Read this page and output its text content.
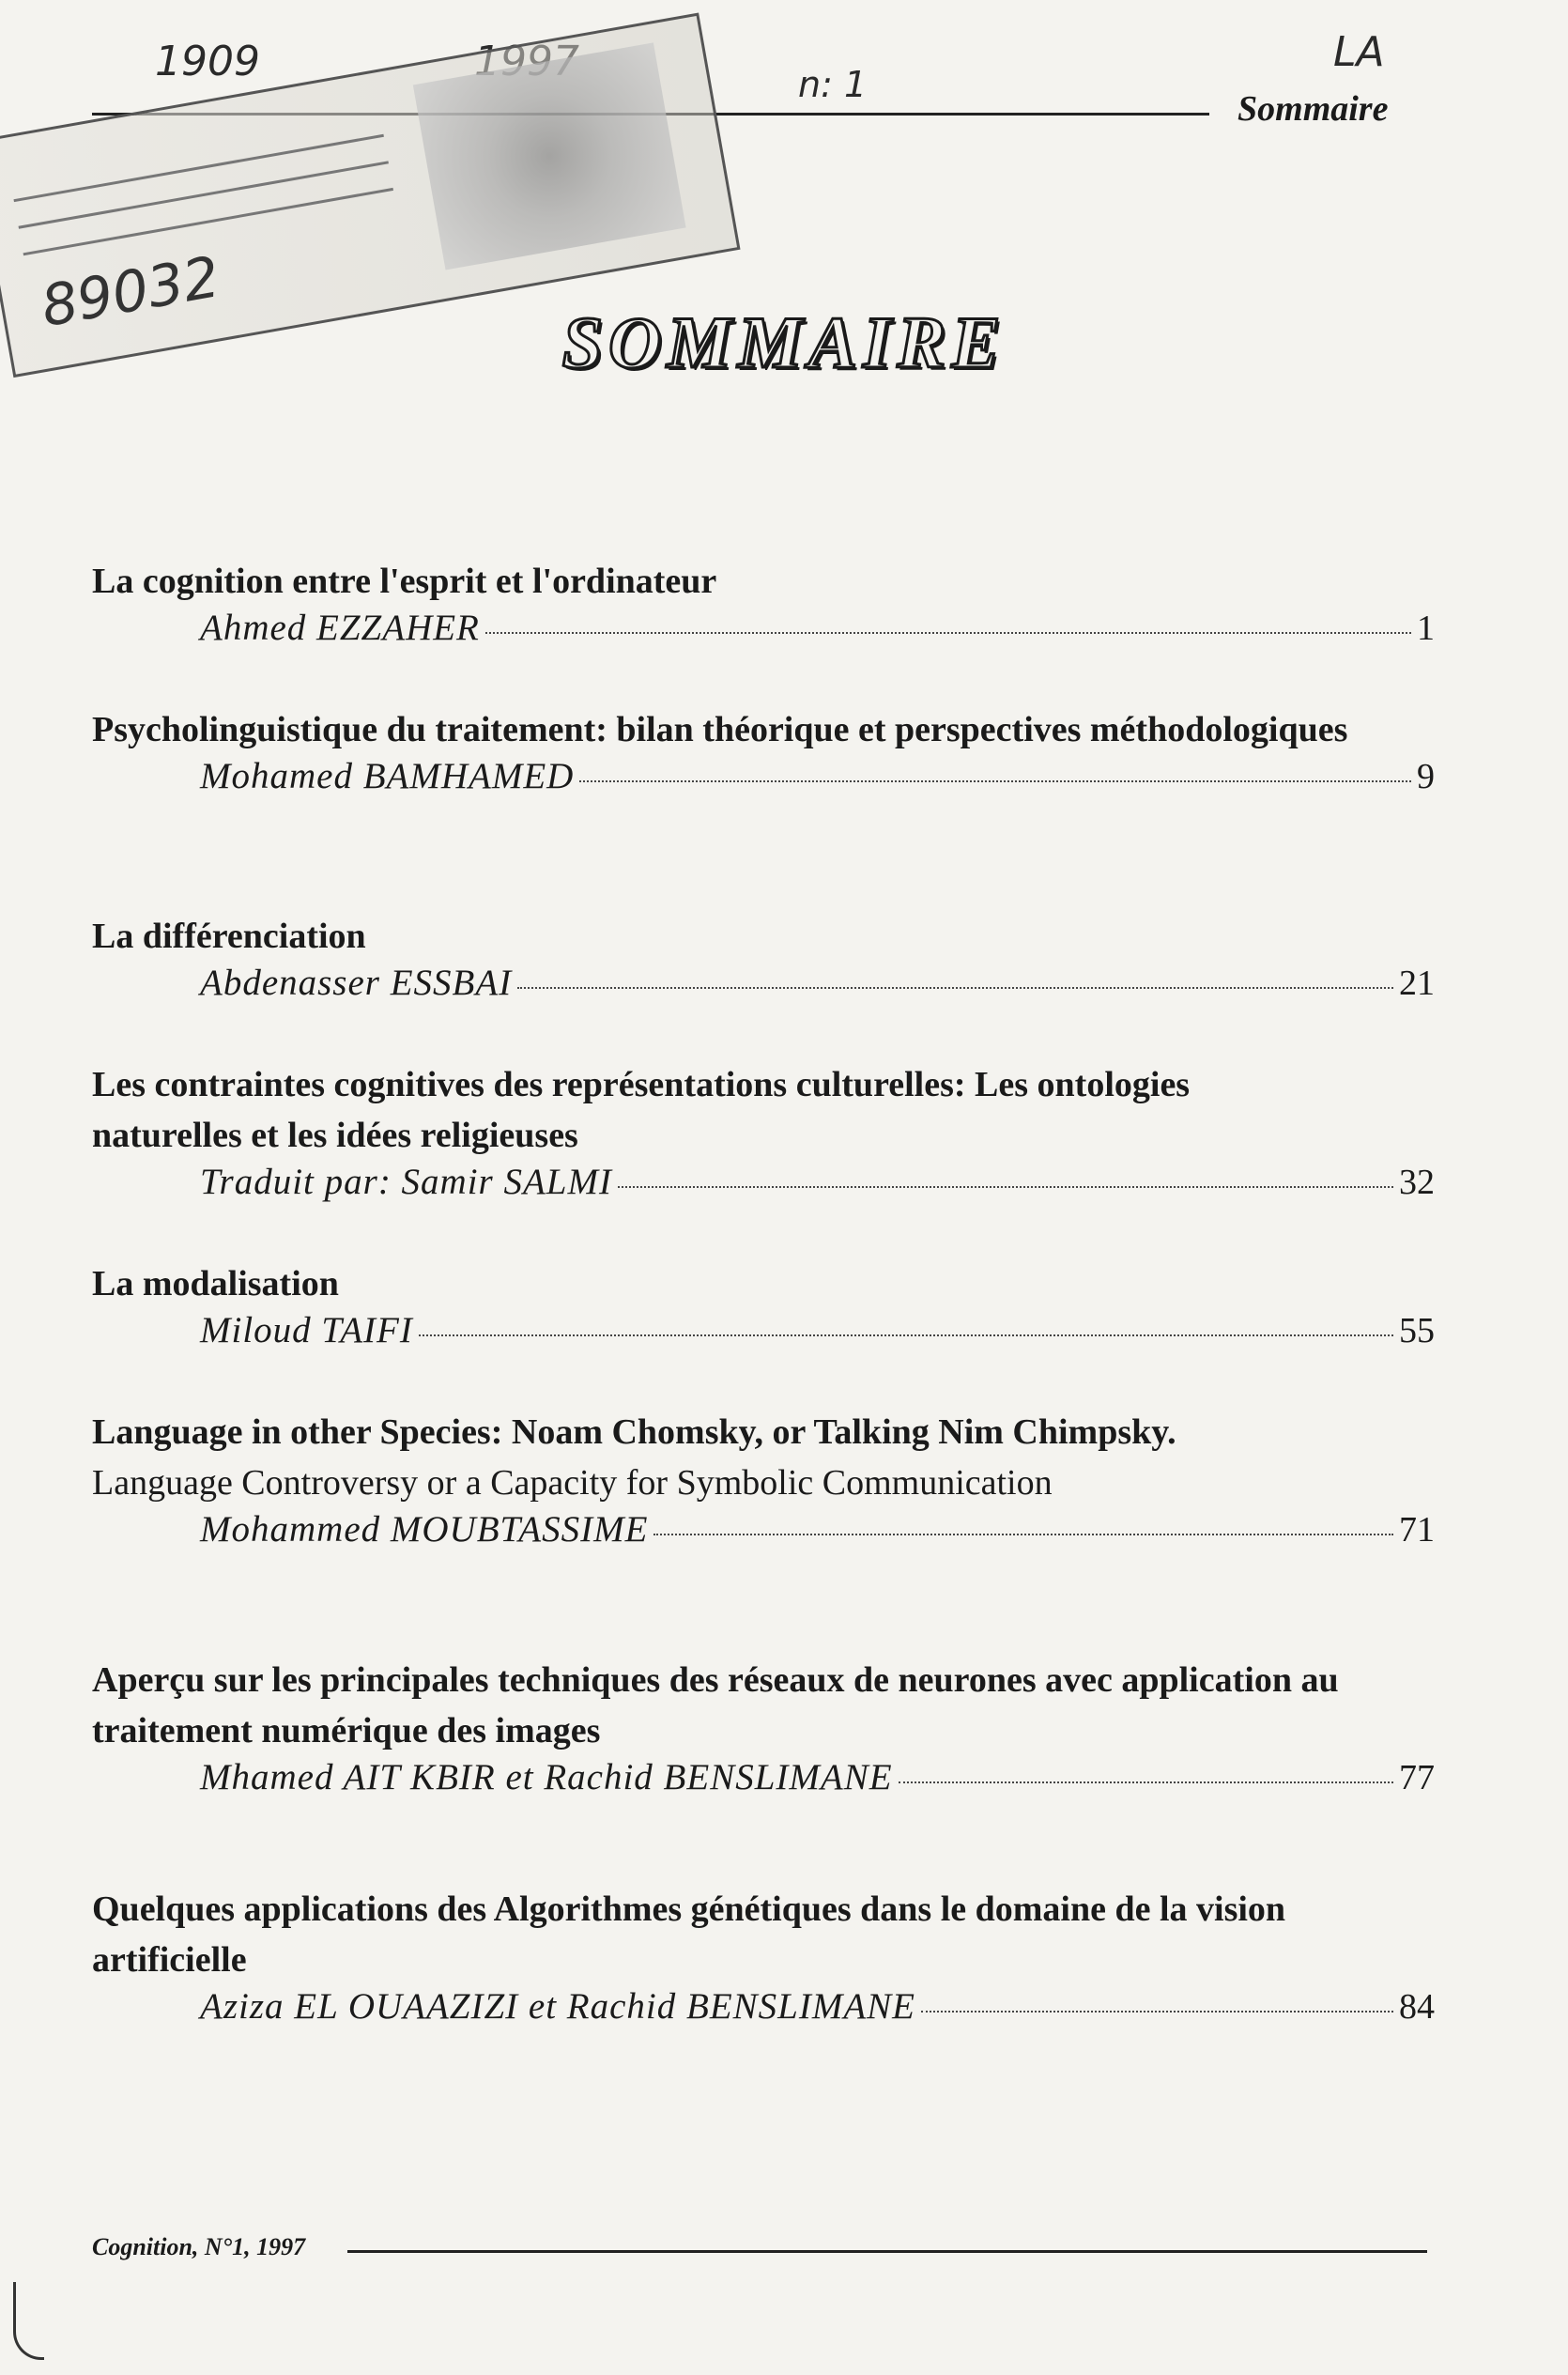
1909	n: 1
LA
Sommaire
89032
SOMMAIRE
La cognition entre l'esprit et l'ordinateur
Ahmed EZZAHER	1
Psycholinguistique du traitement: bilan théorique et perspectives méthodologiques
Mohamed BAMHAMED	9
La différenciation
Abdenasser ESSBAI	21
Les contraintes cognitives des représentations culturelles: Les ontologies naturelles et les idées religieuses
Traduit par: Samir SALMI	32
La modalisation
Miloud TAIFI	55
Language in other Species: Noam Chomsky, or Talking Nim Chimpsky. Language Controversy or a Capacity for Symbolic Communication
Mohammed MOUBTASSIME	71
Aperçu sur les principales techniques des réseaux de neurones avec application au traitement numérique des images
Mhamed AIT KBIR et Rachid BENSLIMANE	77
Quelques applications des Algorithmes génétiques dans le domaine de la vision artificielle
Aziza EL OUAAZIZI et Rachid BENSLIMANE	84
Cognition, N°1, 1997
